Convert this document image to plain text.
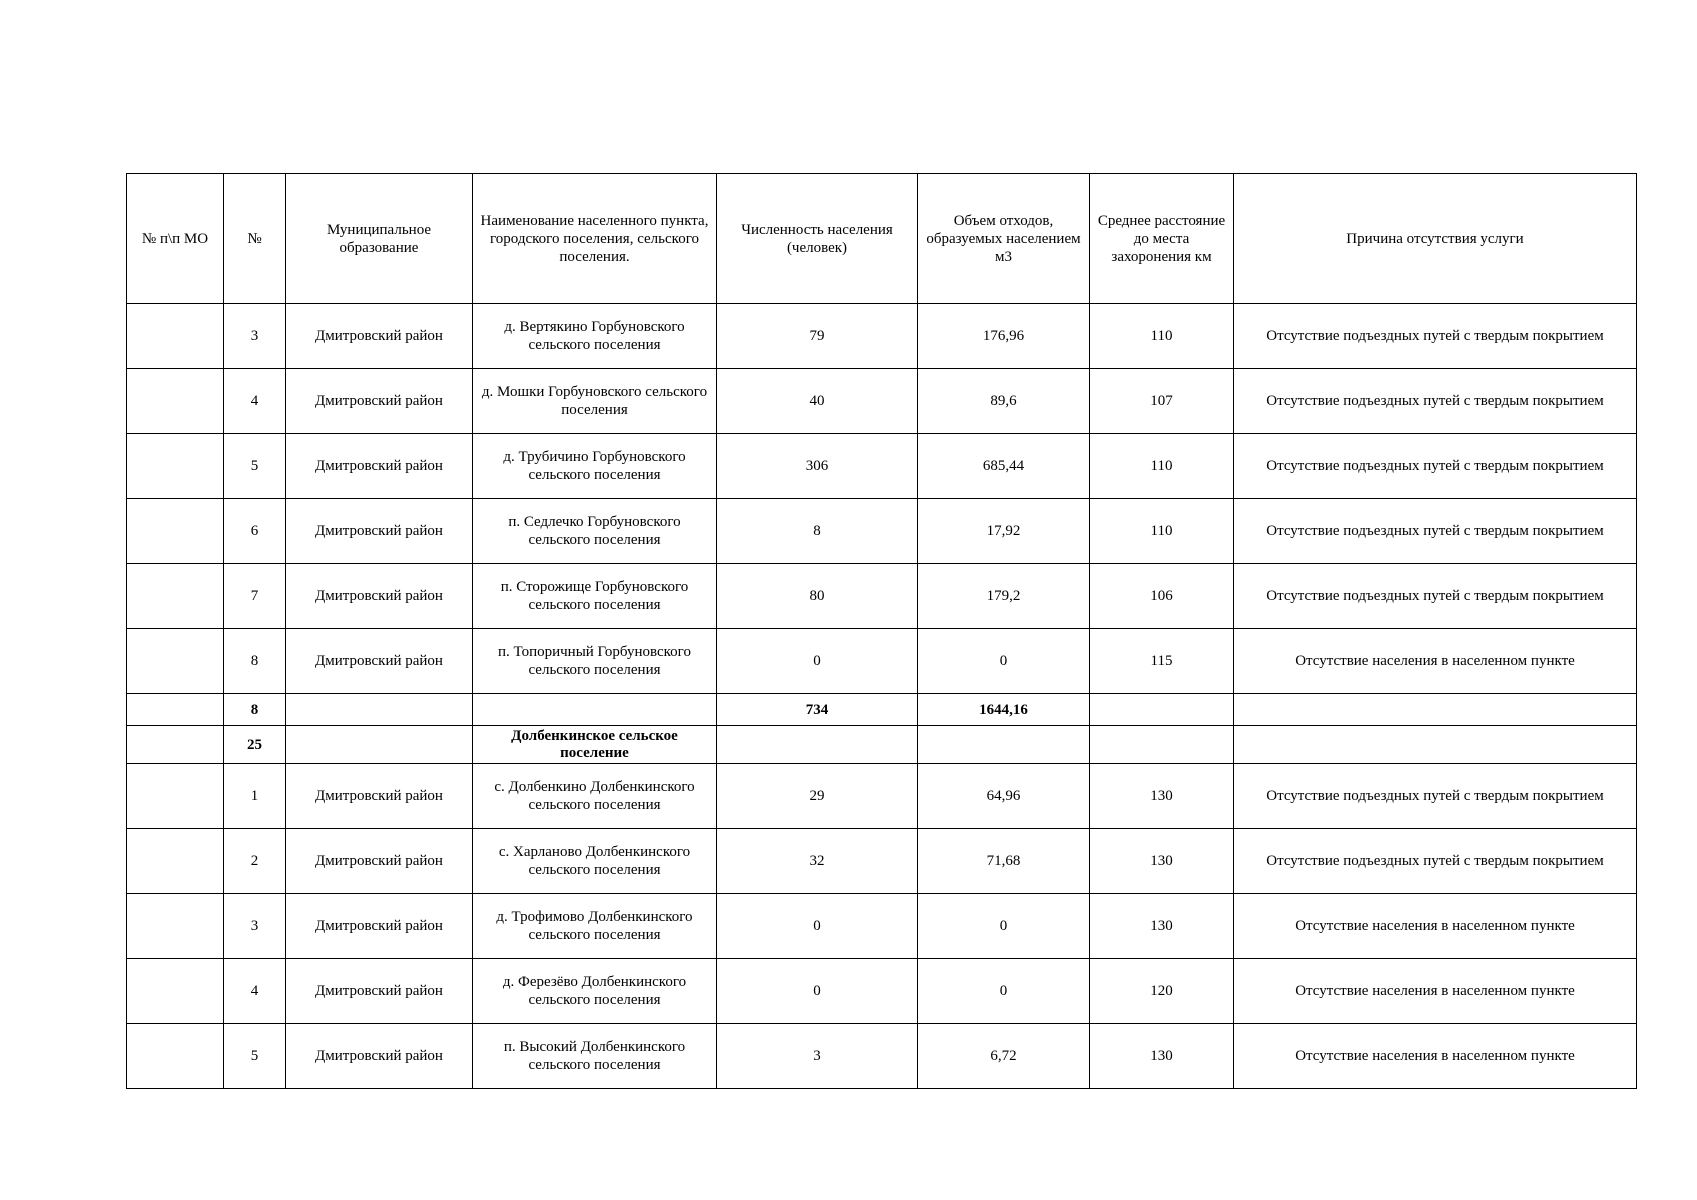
№ п\п МО	№	Муниципальное образование	Наименование населенного пункта, городского поселения, сельского поселения.	Численность населения (человек)	Объем отходов, образуемых населением м3	Среднее расстояние до места захоронения км	Причина отсутствия услуги
	3	Дмитровский район	д. Вертякино Горбуновского сельского поселения	79	176,96	110	Отсутствие подъездных путей с твердым покрытием
	4	Дмитровский район	д. Мошки Горбуновского сельского поселения	40	89,6	107	Отсутствие подъездных путей с твердым покрытием
	5	Дмитровский район	д. Трубичино Горбуновского сельского поселения	306	685,44	110	Отсутствие подъездных путей с твердым покрытием
	6	Дмитровский район	п. Седлечко Горбуновского сельского поселения	8	17,92	110	Отсутствие подъездных путей с твердым покрытием
	7	Дмитровский район	п. Сторожище Горбуновского сельского поселения	80	179,2	106	Отсутствие подъездных путей с твердым покрытием
	8	Дмитровский район	п. Топоричный Горбуновского сельского поселения	0	0	115	Отсутствие населения в населенном пункте
	8			734	1644,16		
	25		Долбенкинское сельское поселение				
	1	Дмитровский район	с. Долбенкино Долбенкинского сельского поселения	29	64,96	130	Отсутствие подъездных путей с твердым покрытием
	2	Дмитровский район	с. Харланово Долбенкинского сельского поселения	32	71,68	130	Отсутствие подъездных путей с твердым покрытием
	3	Дмитровский район	д. Трофимово Долбенкинского сельского поселения	0	0	130	Отсутствие населения в населенном пункте
	4	Дмитровский район	д. Ферезёво Долбенкинского сельского поселения	0	0	120	Отсутствие населения в населенном пункте
	5	Дмитровский район	п. Высокий Долбенкинского сельского поселения	3	6,72	130	Отсутствие населения в населенном пункте
